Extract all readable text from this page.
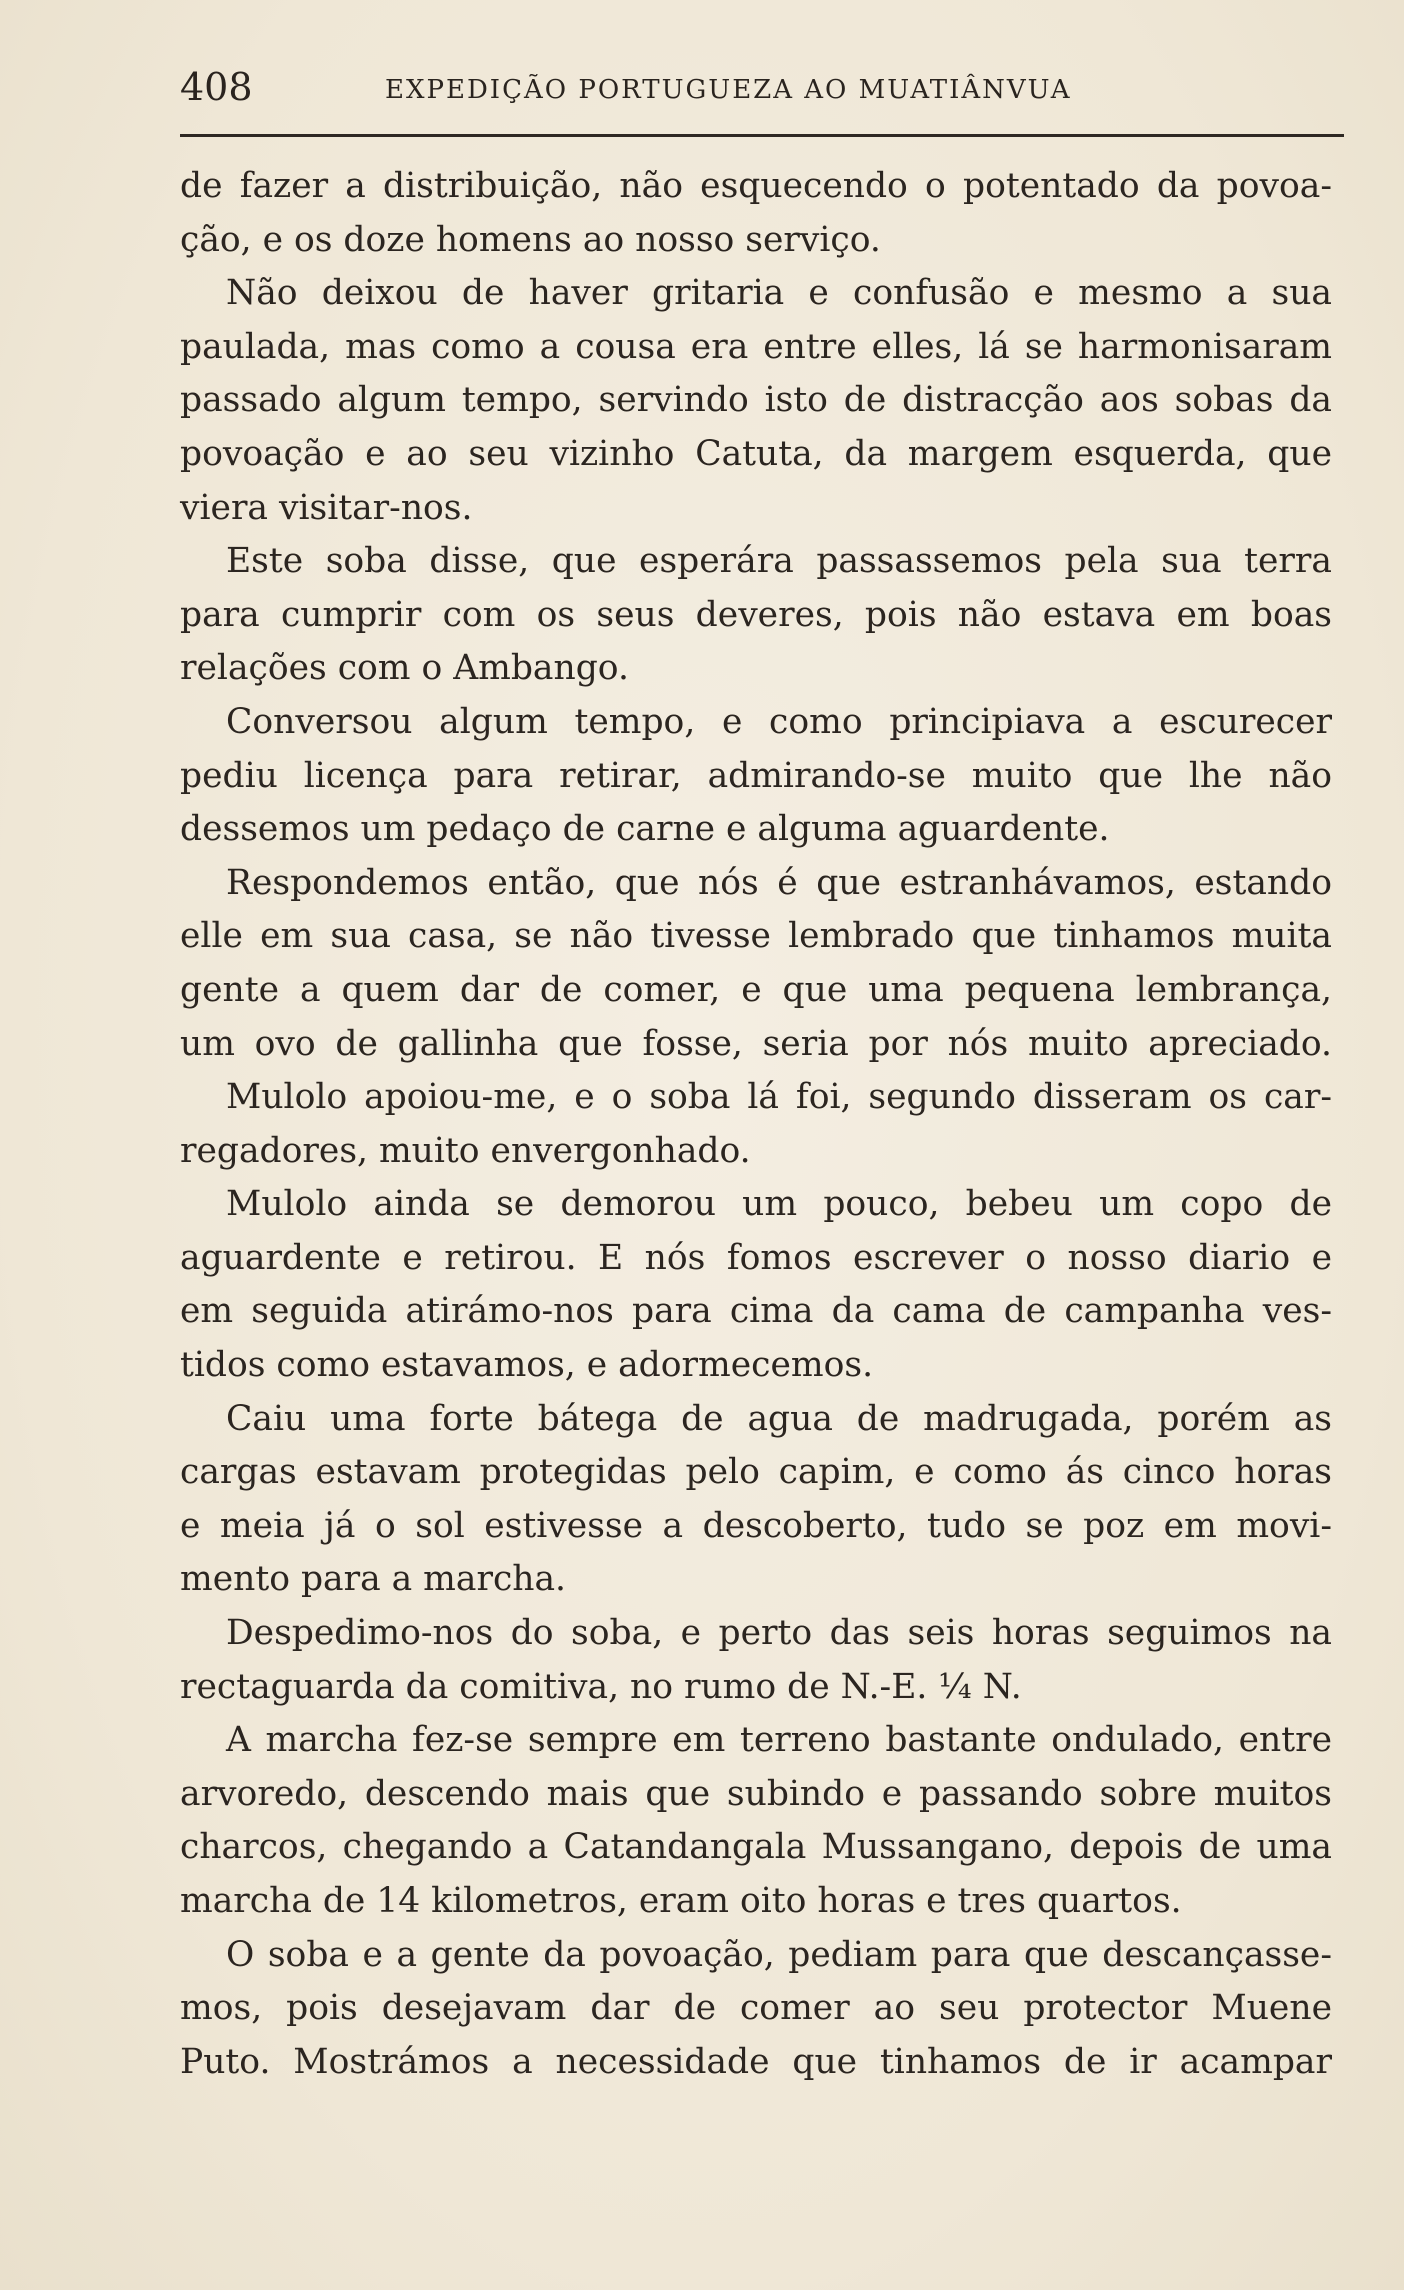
408	EXPEDIÇÃO PORTUGUEZA AO MUATIÂNVUA
de fazer a distribuição, não esquecendo o potentado da povoa-
ção, e os doze homens ao nosso serviço.
Não deixou de haver gritaria e confusão e mesmo a sua
paulada, mas como a cousa era entre elles, lá se harmonisaram
passado algum tempo, servindo isto de distracção aos sobas da
povoação e ao seu vizinho Catuta, da margem esquerda, que
viera visitar-nos.
Este soba disse, que esperára passassemos pela sua terra
para cumprir com os seus deveres, pois não estava em boas
relações com o Ambango.
Conversou algum tempo, e como principiava a escurecer
pediu licença para retirar, admirando-se muito que lhe não
dessemos um pedaço de carne e alguma aguardente.
Respondemos então, que nós é que estranhávamos, estando
elle em sua casa, se não tivesse lembrado que tinhamos muita
gente a quem dar de comer, e que uma pequena lembrança,
um ovo de gallinha que fosse, seria por nós muito apreciado.
Mulolo apoiou-me, e o soba lá foi, segundo disseram os car-
regadores, muito envergonhado.
Mulolo ainda se demorou um pouco, bebeu um copo de
aguardente e retirou. E nós fomos escrever o nosso diario e
em seguida atirámo-nos para cima da cama de campanha ves-
tidos como estavamos, e adormecemos.
Caiu uma forte bátega de agua de madrugada, porém as
cargas estavam protegidas pelo capim, e como ás cinco horas
e meia já o sol estivesse a descoberto, tudo se poz em movi-
mento para a marcha.
Despedimo-nos do soba, e perto das seis horas seguimos na
rectaguarda da comitiva, no rumo de N.-E. ¼ N.
A marcha fez-se sempre em terreno bastante ondulado, entre
arvoredo, descendo mais que subindo e passando sobre muitos
charcos, chegando a Catandangala Mussangano, depois de uma
marcha de 14 kilometros, eram oito horas e tres quartos.
O soba e a gente da povoação, pediam para que descançasse-
mos, pois desejavam dar de comer ao seu protector Muene
Puto. Mostrámos a necessidade que tinhamos de ir acampar
